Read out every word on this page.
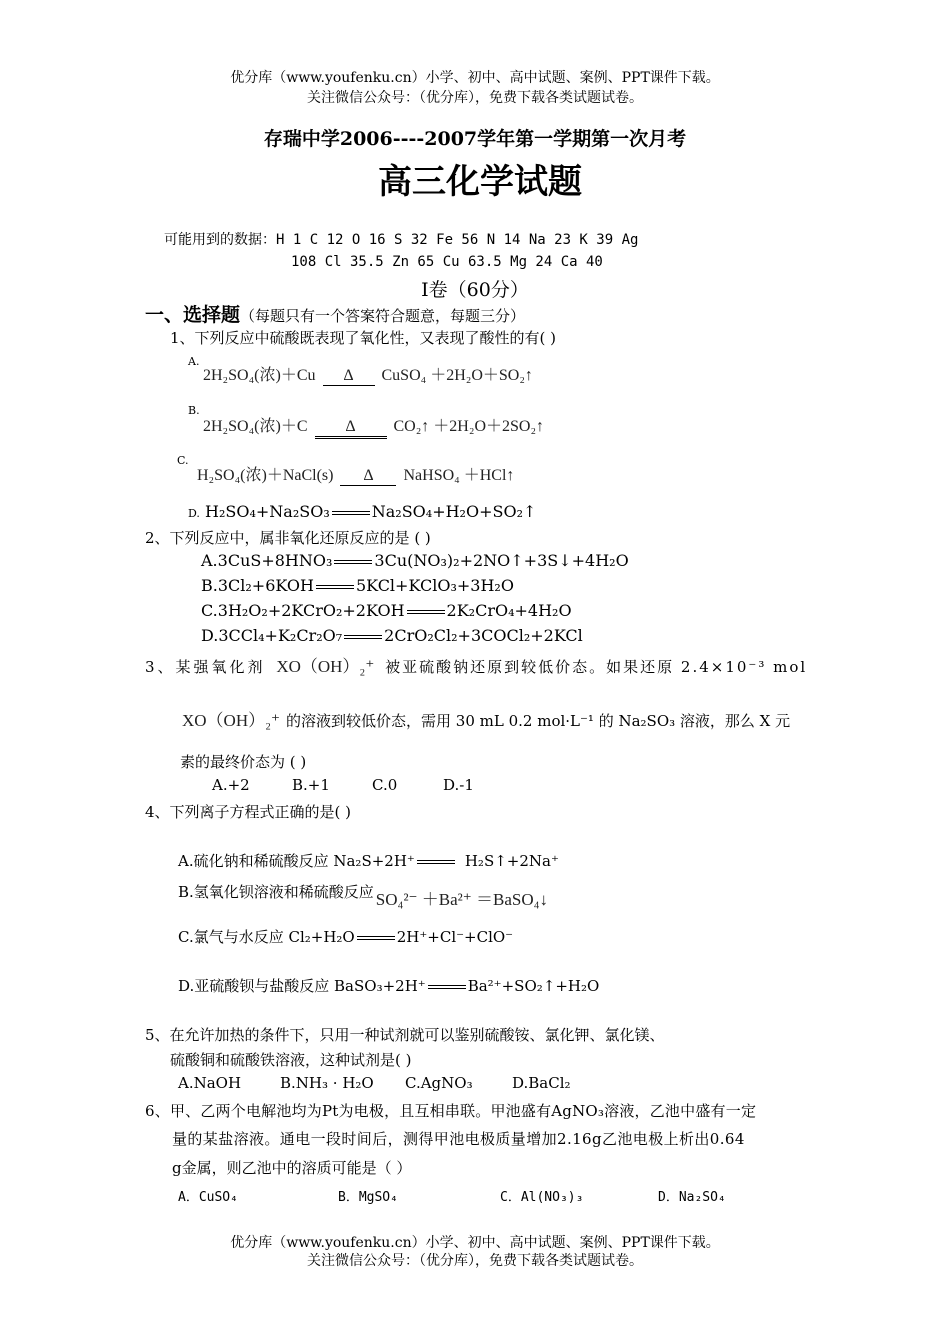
优分库（www.youfenku.cn）小学、初中、高中试题、案例、PPT课件下载。
关注微信公众号：（优分库），免费下载各类试题试卷。
存瑞中学2006----2007学年第一学期第一次月考
高三化学试题
可能用到的数据：H 1 C 12 O 16 S 32 Fe 56 N 14 Na 23 K 39 Ag
108 Cl 35.5 Zn 65 Cu 63.5 Mg 24 Ca 40
Ⅰ卷（60分）
一、选择题（每题只有一个答案符合题意，每题三分）
1、下列反应中硫酸既表现了氧化性，又表现了酸性的有( )
A.
2H₂SO₄(浓)＋Cu Δ CuSO₄ ＋2H₂O＋SO₂↑
B.
2H₂SO₄(浓)＋C Δ CO₂↑ ＋2H₂O＋2SO₂↑
C.
H₂SO₄(浓)＋NaCl(s) Δ NaHSO₄ ＋HCl↑
D. H₂SO₄+Na₂SO₃	Na₂SO₄+H₂O+SO₂↑
2、下列反应中，属非氧化还原反应的是 ( )
A.3CuS+8HNO₃	3Cu(NO₃)₂+2NO↑+3S↓+4H₂O
B.3Cl₂+6KOH	5KCl+KClO₃+3H₂O
C.3H₂O₂+2KCrO₂+2KOH	2K₂CrO₄+4H₂O
D.3CCl₄+K₂Cr₂O₇	2CrO₂Cl₂+3COCl₂+2KCl
3、某强氧化剂 XO（OH）₂⁺ 被亚硫酸钠还原到较低价态。如果还原 2.4×10⁻³ mol
XO（OH）₂⁺ 的溶液到较低价态，需用 30 mL 0.2 mol·L⁻¹ 的 Na₂SO₃ 溶液，那么 X 元
素的最终价态为 ( )
A.+2	B.+1	C.0	D.-1
4、下列离子方程式正确的是( )
A.硫化钠和稀硫酸反应 Na₂S+2H⁺	H₂S↑+2Na⁺
B.氢氧化钡溶液和稀硫酸反应 SO₄²⁻ ＋Ba²⁺ ＝BaSO₄↓
C.氯气与水反应 Cl₂+H₂O	2H⁺+Cl⁻+ClO⁻
D.亚硫酸钡与盐酸反应 BaSO₃+2H⁺	Ba²⁺+SO₂↑+H₂O
5、在允许加热的条件下，只用一种试剂就可以鉴别硫酸铵、氯化钾、氯化镁、
硫酸铜和硫酸铁溶液，这种试剂是( )
A.NaOH	B.NH₃ · H₂O C.AgNO₃	D.BaCl₂
6、甲、乙两个电解池均为Pt为电极，且互相串联。甲池盛有AgNO₃溶液，乙池中盛有一定
量的某盐溶液。通电一段时间后，测得甲池电极质量增加2.16g乙池电极上析出0.64
g金属，则乙池中的溶质可能是（ ）
A．CuSO₄	B．MgSO₄	C．Al(NO₃)₃	D．Na₂SO₄
优分库（www.youfenku.cn）小学、初中、高中试题、案例、PPT课件下载。
关注微信公众号：（优分库），免费下载各类试题试卷。
